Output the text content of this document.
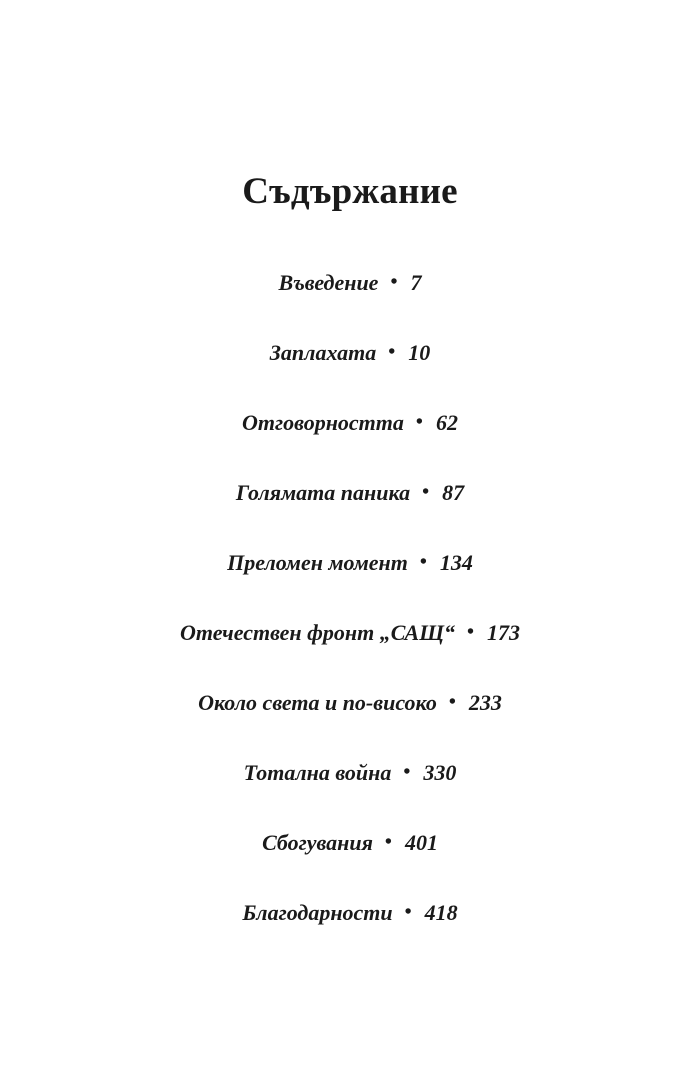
Съдържание
Въведение • 7
Заплахата • 10
Отговорността • 62
Голямата паника • 87
Преломен момент • 134
Отечествен фронт „САЩ“ • 173
Около света и по-високо • 233
Тотална война • 330
Сбогувания • 401
Благодарности • 418
